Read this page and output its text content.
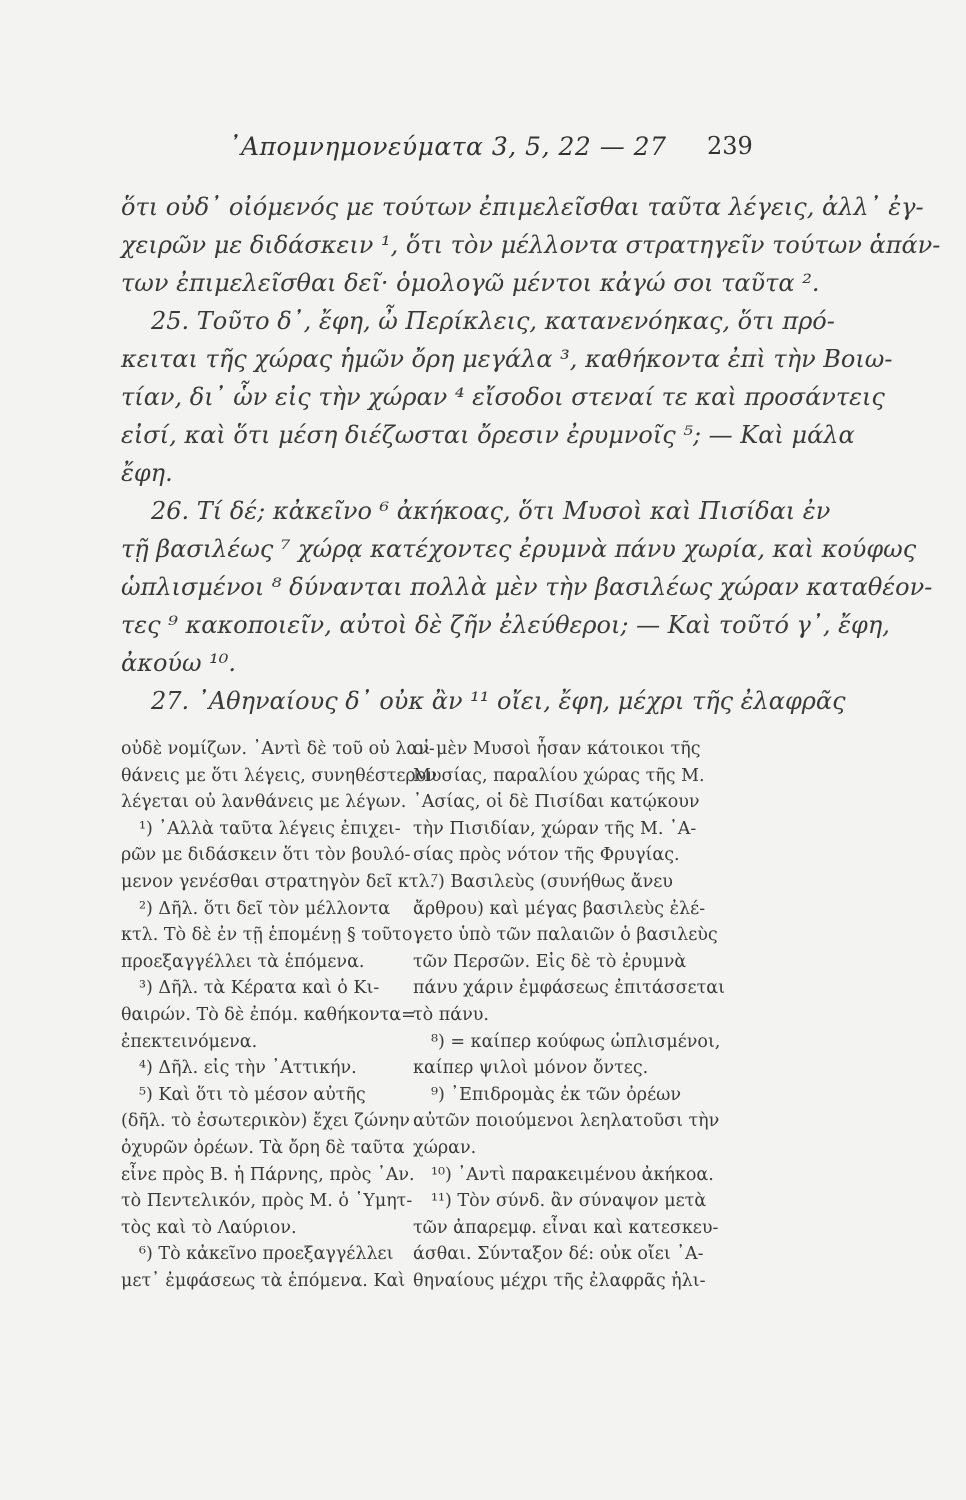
᾿Απομνημονεύματα 3, 5, 22 — 27 239
ὅτι οὐδ᾿ οἰόμενός με τούτων ἐπιμελεῖσθαι ταῦτα λέγεις, ἀλλ᾿ ἐγ-
χειρῶν με διδάσκειν ¹, ὅτι τὸν μέλλοντα στρατηγεῖν τούτων ἁπάν-
των ἐπιμελεῖσθαι δεῖ· ὁμολογῶ μέντοι κἀγώ σοι ταῦτα ².
25. Τοῦτο δ᾿, ἔφη, ὦ Περίκλεις, κατανενόηκας, ὅτι πρό-
κειται τῆς χώρας ἡμῶν ὄρη μεγάλα ³, καθήκοντα ἐπὶ τὴν Βοιω-
τίαν, δι᾿ ὧν εἰς τὴν χώραν ⁴ εἴσοδοι στεναί τε καὶ προσάντεις
εἰσί, καὶ ὅτι μέση διέζωσται ὄρεσιν ἐρυμνοῖς ⁵; — Καὶ μάλα
ἔφη.
26. Τί δέ; κἀκεῖνο ⁶ ἀκήκοας, ὅτι Μυσοὶ καὶ Πισίδαι ἐν
τῇ βασιλέως ⁷ χώρᾳ κατέχοντες ἐρυμνὰ πάνυ χωρία, καὶ κούφως
ὡπλισμένοι ⁸ δύνανται πολλὰ μὲν τὴν βασιλέως χώραν καταθέον-
τες ⁹ κακοποιεῖν, αὐτοὶ δὲ ζῆν ἐλεύθεροι; — Καὶ τοῦτό γ᾿, ἔφη,
ἀκούω ¹⁰.
27. ᾿Αθηναίους δ᾿ οὐκ ἂν ¹¹ οἴει, ἔφη, μέχρι τῆς ἐλαφρᾶς
οὐδὲ νομίζων. ᾿Αντὶ δὲ τοῦ οὐ λαν-
θάνεις με ὅτι λέγεις, συνηθέστερον
λέγεται οὐ λανθάνεις με λέγων.
¹) ᾿Αλλὰ ταῦτα λέγεις ἐπιχει-
ρῶν με διδάσκειν ὅτι τὸν βουλό-
μενον γενέσθαι στρατηγὸν δεῖ κτλ.
²) Δῆλ. ὅτι δεῖ τὸν μέλλοντα
κτλ. Τὸ δὲ ἐν τῇ ἑπομένῃ § τοῦτο
προεξαγγέλλει τὰ ἑπόμενα.
³) Δῆλ. τὰ Κέρατα καὶ ὁ Κι-
θαιρών. Τὸ δὲ ἐπόμ. καθήκοντα=
ἐπεκτεινόμενα.
⁴) Δῆλ. εἰς τὴν ᾿Αττικήν.
⁵) Καὶ ὅτι τὸ μέσον αὐτῆς
(δῆλ. τὸ ἐσωτερικὸν) ἔχει ζώνην
ὀχυρῶν ὀρέων. Τὰ ὄρη δὲ ταῦτα
εἶνε πρὸς Β. ἡ Πάρνης, πρὸς ᾿Αν.
τὸ Πεντελικόν, πρὸς Μ. ὁ ῾Υμητ-
τὸς καὶ τὸ Λαύριον.
⁶) Τὸ κἀκεῖνο προεξαγγέλλει
μετ᾿ ἐμφάσεως τὰ ἑπόμενα. Καὶ
οἱ μὲν Μυσοὶ ἦσαν κάτοικοι τῆς
Μυσίας, παραλίου χώρας τῆς Μ.
᾿Ασίας, οἱ δὲ Πισίδαι κατῴκουν
τὴν Πισιδίαν, χώραν τῆς Μ. ᾿Α-
σίας πρὸς νότον τῆς Φρυγίας.
⁷) Βασιλεὺς (συνήθως ἄνευ
ἄρθρου) καὶ μέγας βασιλεὺς ἐλέ-
γετο ὑπὸ τῶν παλαιῶν ὁ βασιλεὺς
τῶν Περσῶν. Εἰς δὲ τὸ ἐρυμνὰ
πάνυ χάριν ἐμφάσεως ἐπιτάσσεται
τὸ πάνυ.
⁸) = καίπερ κούφως ὡπλισμένοι,
καίπερ ψιλοὶ μόνον ὄντες.
⁹) ᾿Επιδρομὰς ἐκ τῶν ὀρέων
αὐτῶν ποιούμενοι λεηλατοῦσι τὴν
χώραν.
¹⁰) ᾿Αντὶ παρακειμένου ἀκήκοα.
¹¹) Τὸν σύνδ. ἂν σύναψον μετὰ
τῶν ἀπαρεμφ. εἶναι καὶ κατεσκευ-
άσθαι. Σύνταξον δέ: οὐκ οἴει ᾿Α-
θηναίους μέχρι τῆς ἐλαφρᾶς ἡλι-
